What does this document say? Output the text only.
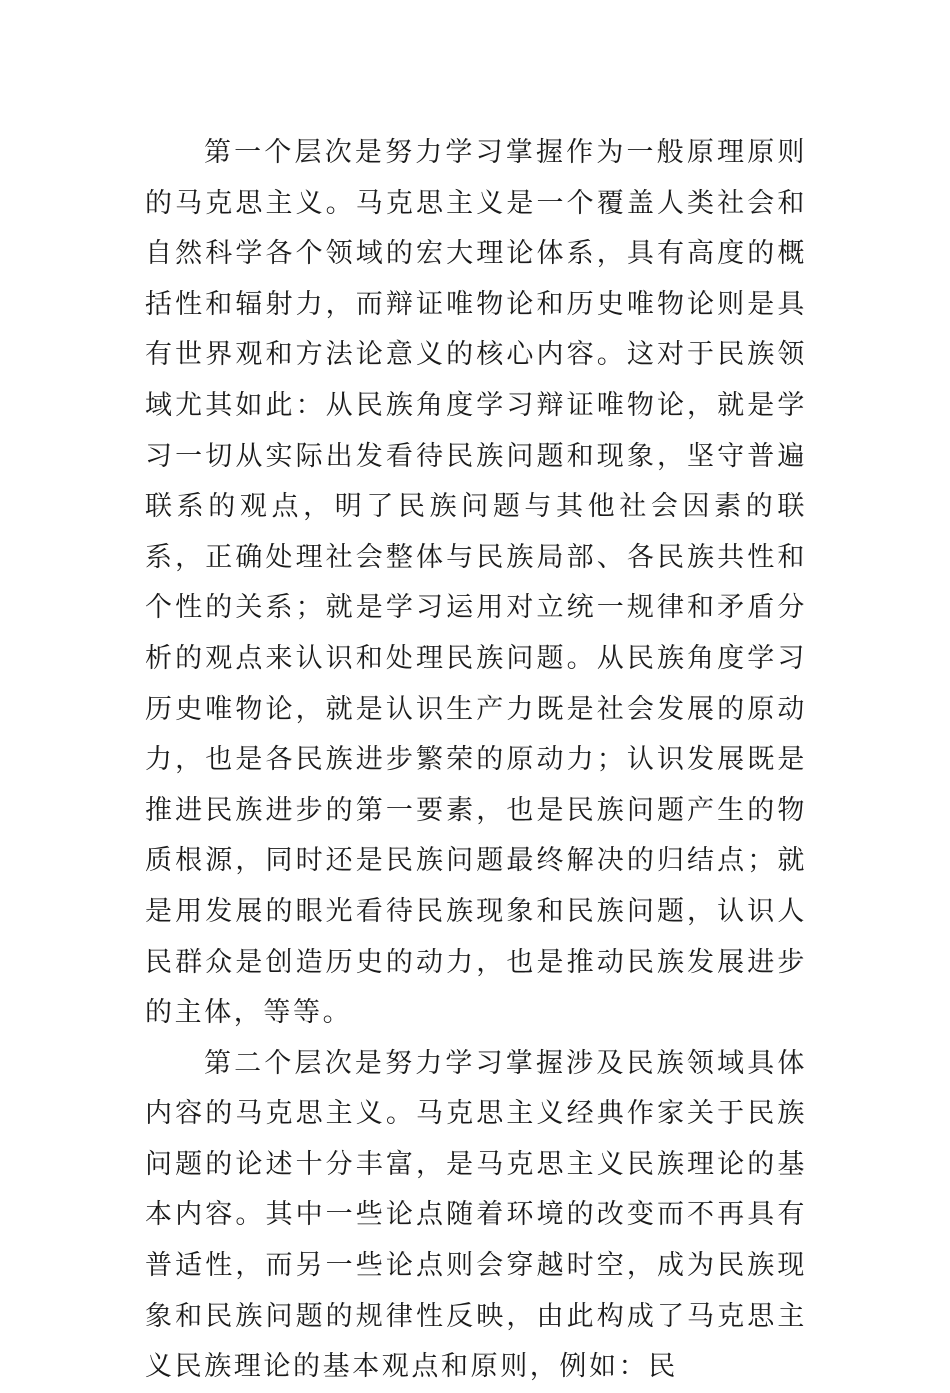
第一个层次是努力学习掌握作为一般原理原则的马克思主义。马克思主义是一个覆盖人类社会和自然科学各个领域的宏大理论体系，具有高度的概括性和辐射力，而辩证唯物论和历史唯物论则是具有世界观和方法论意义的核心内容。这对于民族领域尤其如此：从民族角度学习辩证唯物论，就是学习一切从实际出发看待民族问题和现象，坚守普遍联系的观点，明了民族问题与其他社会因素的联系，正确处理社会整体与民族局部、各民族共性和个性的关系；就是学习运用对立统一规律和矛盾分析的观点来认识和处理民族问题。从民族角度学习历史唯物论，就是认识生产力既是社会发展的原动力，也是各民族进步繁荣的原动力；认识发展既是推进民族进步的第一要素，也是民族问题产生的物质根源，同时还是民族问题最终解决的归结点；就是用发展的眼光看待民族现象和民族问题，认识人民群众是创造历史的动力，也是推动民族发展进步的主体，等等。

第二个层次是努力学习掌握涉及民族领域具体内容的马克思主义。马克思主义经典作家关于民族问题的论述十分丰富，是马克思主义民族理论的基本内容。其中一些论点随着环境的改变而不再具有普适性，而另一些论点则会穿越时空，成为民族现象和民族问题的规律性反映，由此构成了马克思主义民族理论的基本观点和原则，例如：民
